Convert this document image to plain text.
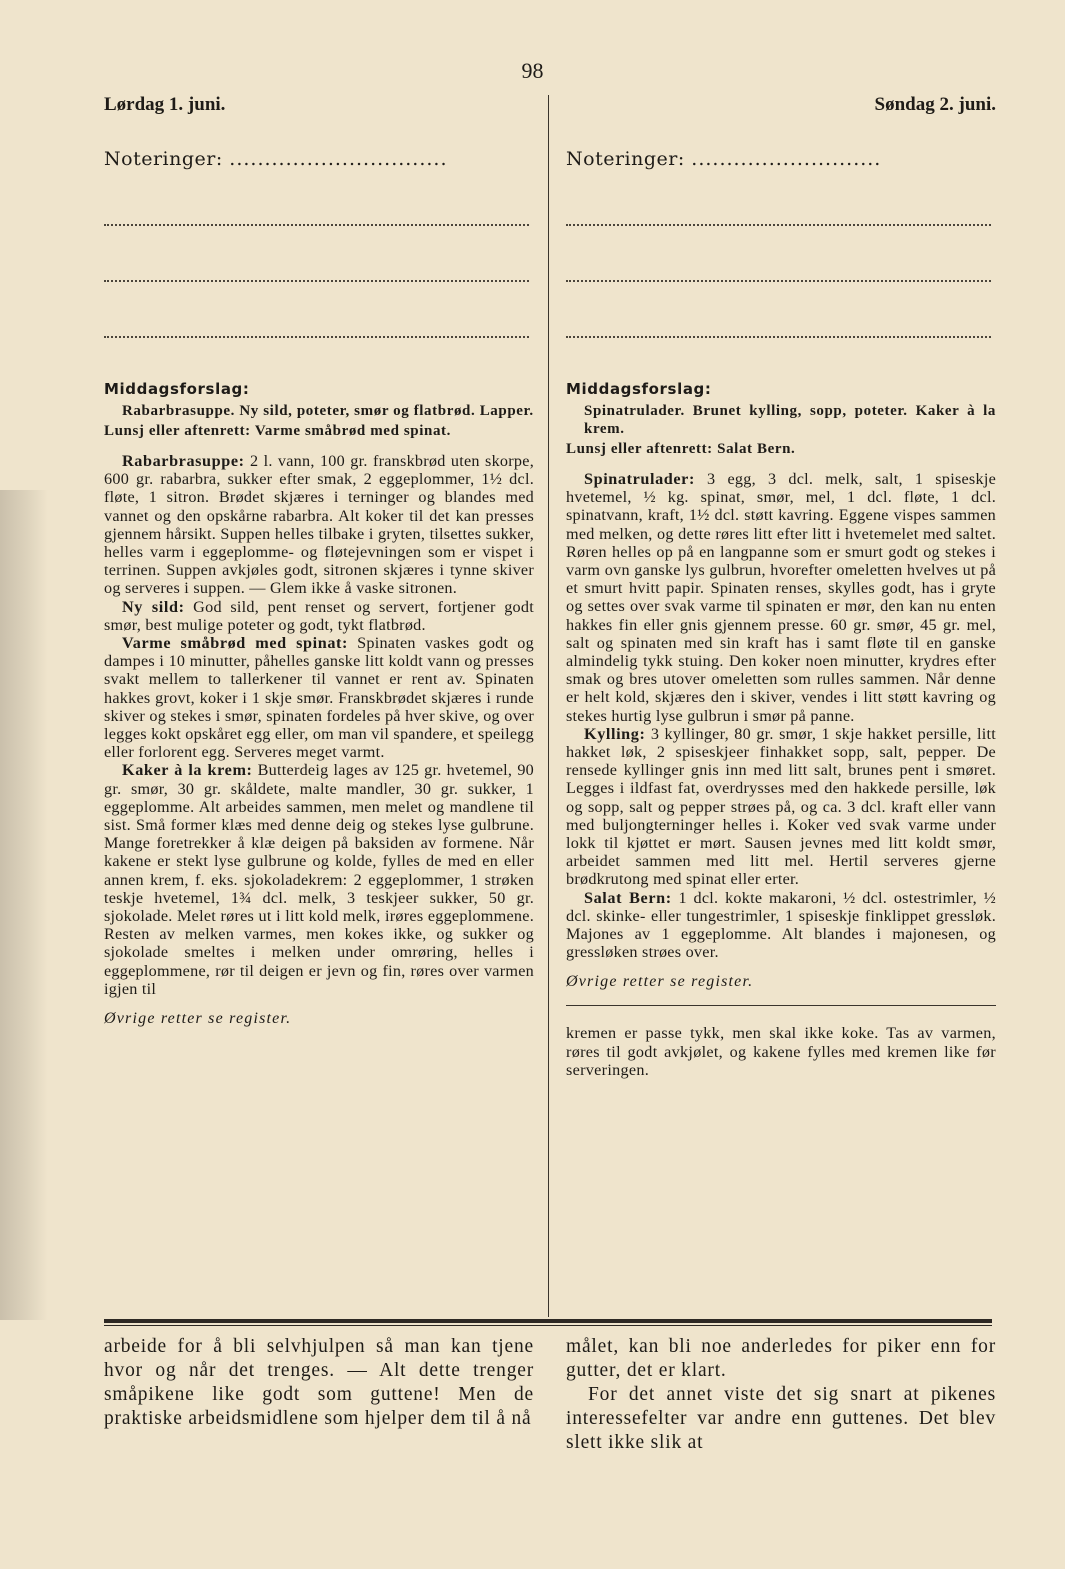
98
Lørdag 1. juni.
Noteringer: ...............................
Middagsforslag:
Rabarbrasuppe. Ny sild, poteter, smør og flatbrød. Lapper.
Lunsj eller aftenrett: Varme småbrød med spinat.

Rabarbrasuppe: 2 l. vann, 100 gr. franskbrød uten skorpe, 600 gr. rabarbra, sukker efter smak, 2 eggeplommer, 1½ dcl. fløte, 1 sitron. Brødet skjæres i terninger og blandes med vannet og den opskårne rabarbra. Alt koker til det kan presses gjennem hårsikt. Suppen helles tilbake i gryten, tilsettes sukker, helles varm i eggeplomme- og fløtejevningen som er vispet i terrinen. Suppen avkjøles godt, sitronen skjæres i tynne skiver og serveres i suppen. — Glem ikke å vaske sitronen.

Ny sild: God sild, pent renset og servert, fortjener godt smør, best mulige poteter og godt, tykt flatbrød.

Varme småbrød med spinat: Spinaten vaskes godt og dampes i 10 minutter, påhelles ganske litt koldt vann og presses svakt mellem to tallerkener til vannet er rent av. Spinaten hakkes grovt, koker i 1 skje smør. Franskbrødet skjæres i runde skiver og stekes i smør, spinaten fordeles på hver skive, og over legges kokt opskåret egg eller, om man vil spandere, et speilegg eller forlorent egg. Serveres meget varmt.

Kaker à la krem: Butterdeig lages av 125 gr. hvetemel, 90 gr. smør, 30 gr. skåldete, malte mandler, 30 gr. sukker, 1 eggeplomme. Alt arbeides sammen, men melet og mandlene til sist. Små former klæs med denne deig og stekes lyse gulbrune. Mange foretrekker å klæ deigen på baksiden av formene. Når kakene er stekt lyse gulbrune og kolde, fylles de med en eller annen krem, f. eks. sjokoladekrem: 2 eggeplommer, 1 strøken teskje hvetemel, 1¾ dcl. melk, 3 teskjeer sukker, 50 gr. sjokolade. Melet røres ut i litt kold melk, irøres eggeplommene. Resten av melken varmes, men kokes ikke, og sukker og sjokolade smeltes i melken under omrøring, helles i eggeplommene, rør til deigen er jevn og fin, røres over varmen igjen til

Øvrige retter se register.
Søndag 2. juni.
Noteringer: ...........................
Middagsforslag:
Spinatrulader. Brunet kylling, sopp, poteter. Kaker à la krem.
Lunsj eller aftenrett: Salat Bern.

Spinatrulader: 3 egg, 3 dcl. melk, salt, 1 spiseskje hvetemel, ½ kg. spinat, smør, mel, 1 dcl. fløte, 1 dcl. spinatvann, kraft, 1½ dcl. støtt kavring. Eggene vispes sammen med melken, og dette røres litt efter litt i hvetemelet med saltet. Røren helles op på en langpanne som er smurt godt og stekes i varm ovn ganske lys gulbrun, hvorefter omeletten hvelves ut på et smurt hvitt papir. Spinaten renses, skylles godt, has i gryte og settes over svak varme til spinaten er mør, den kan nu enten hakkes fin eller gnis gjennem presse. 60 gr. smør, 45 gr. mel, salt og spinaten med sin kraft has i samt fløte til en ganske almindelig tykk stuing. Den koker noen minutter, krydres efter smak og bres utover omeletten som rulles sammen. Når denne er helt kold, skjæres den i skiver, vendes i litt støtt kavring og stekes hurtig lyse gulbrun i smør på panne.

Kylling: 3 kyllinger, 80 gr. smør, 1 skje hakket persille, litt hakket løk, 2 spiseskjeer finhakket sopp, salt, pepper. De rensede kyllinger gnis inn med litt salt, brunes pent i smøret. Legges i ildfast fat, overdrysses med den hakkede persille, løk og sopp, salt og pepper strøes på, og ca. 3 dcl. kraft eller vann med buljongterninger helles i. Koker ved svak varme under lokk til kjøttet er mørt. Sausen jevnes med litt koldt smør, arbeidet sammen med litt mel. Hertil serveres gjerne brødkrutong med spinat eller erter.

Salat Bern: 1 dcl. kokte makaroni, ½ dcl. ostestrimler, ½ dcl. skinke- eller tungestrimler, 1 spiseskje finklippet gressløk. Majones av 1 eggeplomme. Alt blandes i majonesen, og gressløken strøes over.

Øvrige retter se register.
kremen er passe tykk, men skal ikke koke. Tas av varmen, røres til godt avkjølet, og kakene fylles med kremen like før serveringen.

arbeide for å bli selvhjulpen så man kan tjene hvor og når det trenges. — Alt dette trenger småpikene like godt som guttene! Men de praktiske arbeidsmidlene som hjelper dem til å nå

målet, kan bli noe anderledes for piker enn for gutter, det er klart.

For det annet viste det sig snart at pikenes interessefelter var andre enn guttenes. Det blev slett ikke slik at
